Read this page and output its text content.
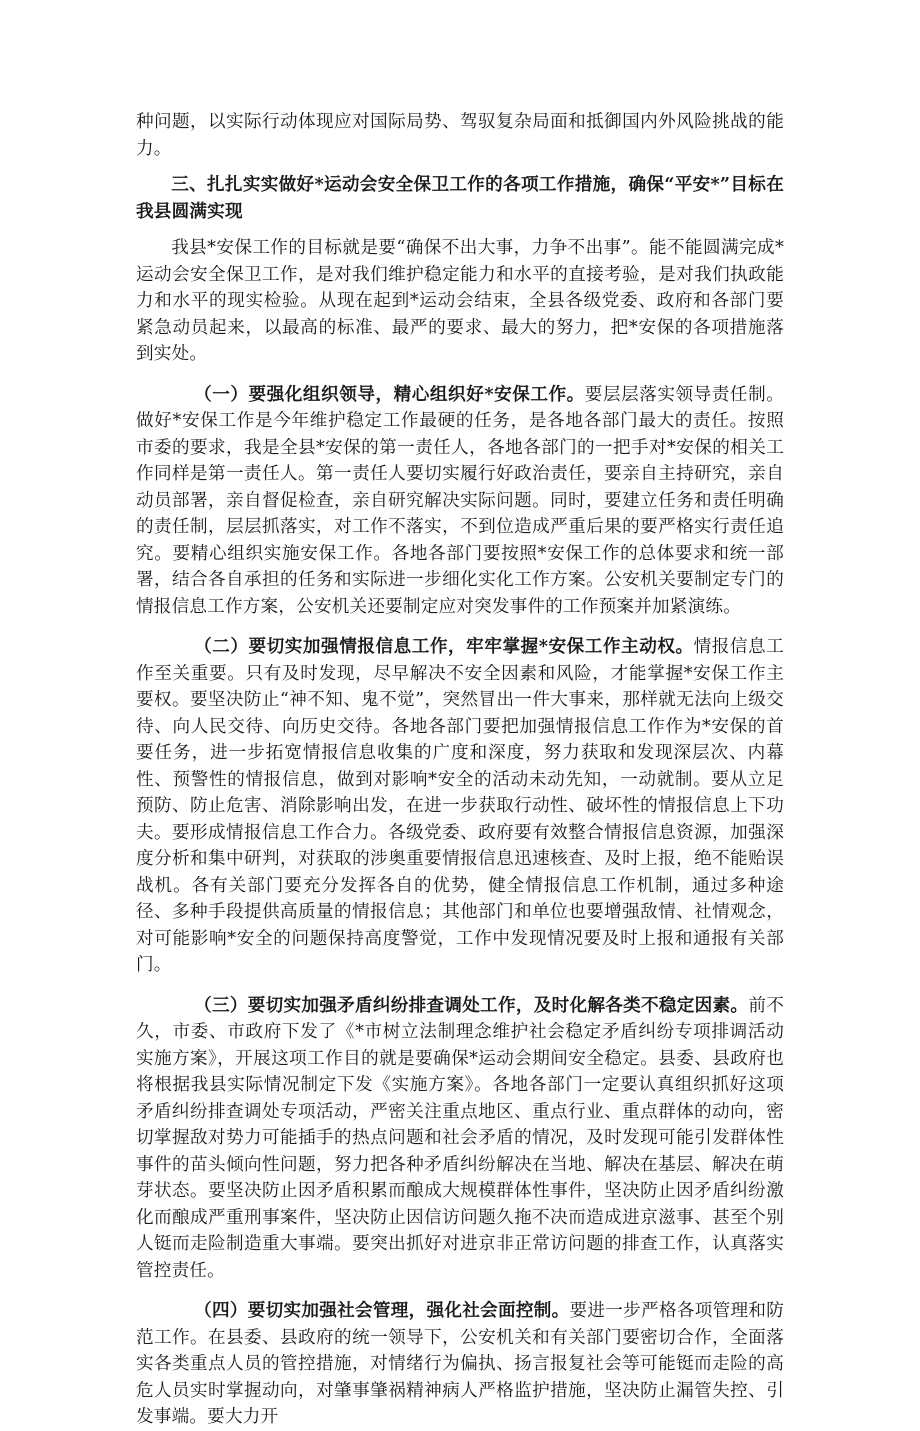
种问题，以实际行动体现应对国际局势、驾驭复杂局面和抵御国内外风险挑战的能力。

三、扎扎实实做好*运动会安全保卫工作的各项工作措施，确保“平安*”目标在我县圆满实现

我县*安保工作的目标就是要“确保不出大事，力争不出事”。能不能圆满完成*运动会安全保卫工作，是对我们维护稳定能力和水平的直接考验，是对我们执政能力和水平的现实检验。从现在起到*运动会结束，全县各级党委、政府和各部门要紧急动员起来，以最高的标准、最严的要求、最大的努力，把*安保的各项措施落到实处。

（一）要强化组织领导，精心组织好*安保工作。要层层落实领导责任制。做好*安保工作是今年维护稳定工作最硬的任务，是各地各部门最大的责任。按照市委的要求，我是全县*安保的第一责任人，各地各部门的一把手对*安保的相关工作同样是第一责任人。第一责任人要切实履行好政治责任，要亲自主持研究，亲自动员部署，亲自督促检查，亲自研究解决实际问题。同时，要建立任务和责任明确的责任制，层层抓落实，对工作不落实，不到位造成严重后果的要严格实行责任追究。要精心组织实施安保工作。各地各部门要按照*安保工作的总体要求和统一部署，结合各自承担的任务和实际进一步细化实化工作方案。公安机关要制定专门的情报信息工作方案，公安机关还要制定应对突发事件的工作预案并加紧演练。

（二）要切实加强情报信息工作，牢牢掌握*安保工作主动权。情报信息工作至关重要。只有及时发现，尽早解决不安全因素和风险，才能掌握*安保工作主要权。要坚决防止“神不知、鬼不觉”，突然冒出一件大事来，那样就无法向上级交待、向人民交待、向历史交待。各地各部门要把加强情报信息工作作为*安保的首要任务，进一步拓宽情报信息收集的广度和深度，努力获取和发现深层次、内幕性、预警性的情报信息，做到对影响*安全的活动未动先知，一动就制。要从立足预防、防止危害、消除影响出发，在进一步获取行动性、破坏性的情报信息上下功夫。要形成情报信息工作合力。各级党委、政府要有效整合情报信息资源，加强深度分析和集中研判，对获取的涉奥重要情报信息迅速核查、及时上报，绝不能贻误战机。各有关部门要充分发挥各自的优势，健全情报信息工作机制，通过多种途径、多种手段提供高质量的情报信息；其他部门和单位也要增强敌情、社情观念，对可能影响*安全的问题保持高度警觉，工作中发现情况要及时上报和通报有关部门。

（三）要切实加强矛盾纠纷排查调处工作，及时化解各类不稳定因素。前不久，市委、市政府下发了《*市树立法制理念维护社会稳定矛盾纠纷专项排调活动实施方案》，开展这项工作目的就是要确保*运动会期间安全稳定。县委、县政府也将根据我县实际情况制定下发《实施方案》。各地各部门一定要认真组织抓好这项矛盾纠纷排查调处专项活动，严密关注重点地区、重点行业、重点群体的动向，密切掌握敌对势力可能插手的热点问题和社会矛盾的情况，及时发现可能引发群体性事件的苗头倾向性问题，努力把各种矛盾纠纷解决在当地、解决在基层、解决在萌芽状态。要坚决防止因矛盾积累而酿成大规模群体性事件，坚决防止因矛盾纠纷激化而酿成严重刑事案件，坚决防止因信访问题久拖不决而造成进京滋事、甚至个别人铤而走险制造重大事端。要突出抓好对进京非正常访问题的排查工作，认真落实管控责任。

（四）要切实加强社会管理，强化社会面控制。要进一步严格各项管理和防范工作。在县委、县政府的统一领导下，公安机关和有关部门要密切合作，全面落实各类重点人员的管控措施，对情绪行为偏执、扬言报复社会等可能铤而走险的高危人员实时掌握动向，对肇事肇祸精神病人严格监护措施，坚决防止漏管失控、引发事端。要大力开
